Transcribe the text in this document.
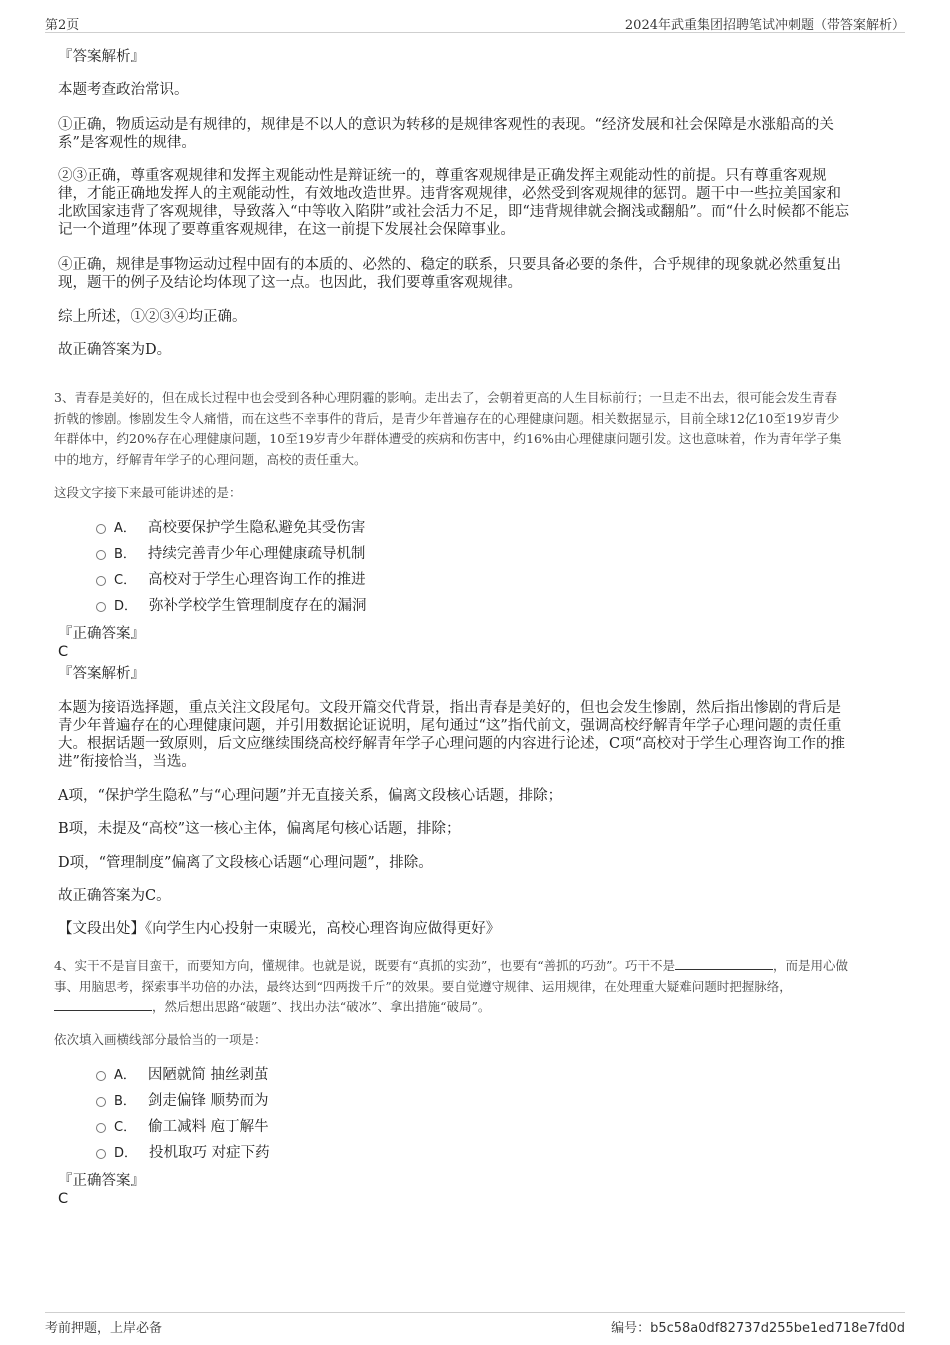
第2页	2024年武重集团招聘笔试冲刺题（带答案解析）
『答案解析』
本题考查政治常识。
①正确，物质运动是有规律的，规律是不以人的意识为转移的是规律客观性的表现。“经济发展和社会保障是水涨船高的关
系”是客观性的规律。
②③正确，尊重客观规律和发挥主观能动性是辩证统一的，尊重客观规律是正确发挥主观能动性的前提。只有尊重客观规
律，才能正确地发挥人的主观能动性，有效地改造世界。违背客观规律，必然受到客观规律的惩罚。题干中一些拉美国家和
北欧国家违背了客观规律，导致落入“中等收入陷阱”或社会活力不足，即“违背规律就会搁浅或翻船”。而“什么时候都不能忘
记一个道理”体现了要尊重客观规律，在这一前提下发展社会保障事业。
④正确，规律是事物运动过程中固有的本质的、必然的、稳定的联系，只要具备必要的条件，合乎规律的现象就必然重复出
现，题干的例子及结论均体现了这一点。也因此，我们要尊重客观规律。
综上所述，①②③④均正确。
故正确答案为D。
3、青春是美好的，但在成长过程中也会受到各种心理阴霾的影响。走出去了，会朝着更高的人生目标前行；一旦走不出去，很可能会发生青春
折戟的惨剧。惨剧发生令人痛惜，而在这些不幸事件的背后，是青少年普遍存在的心理健康问题。相关数据显示，目前全球12亿10至19岁青少
年群体中，约20%存在心理健康问题，10至19岁青少年群体遭受的疾病和伤害中，约16%由心理健康问题引发。这也意味着，作为青年学子集
中的地方，纾解青年学子的心理问题，高校的责任重大。
这段文字接下来最可能讲述的是：
A． 高校要保护学生隐私避免其受伤害
B． 持续完善青少年心理健康疏导机制
C． 高校对于学生心理咨询工作的推进
D． 弥补学校学生管理制度存在的漏洞
『正确答案』
C
『答案解析』
本题为接语选择题，重点关注文段尾句。文段开篇交代背景，指出青春是美好的，但也会发生惨剧，然后指出惨剧的背后是
青少年普遍存在的心理健康问题，并引用数据论证说明，尾句通过“这”指代前文，强调高校纾解青年学子心理问题的责任重
大。根据话题一致原则，后文应继续围绕高校纾解青年学子心理问题的内容进行论述，C项“高校对于学生心理咨询工作的推
进”衔接恰当，当选。
A项，“保护学生隐私”与“心理问题”并无直接关系，偏离文段核心话题，排除；
B项，未提及“高校”这一核心主体，偏离尾句核心话题，排除；
D项，“管理制度”偏离了文段核心话题“心理问题”，排除。
故正确答案为C。
【文段出处】《向学生内心投射一束暖光，高校心理咨询应做得更好》
4、实干不是盲目蛮干，而要知方向，懂规律。也就是说，既要有“真抓的实劲”，也要有“善抓的巧劲”。巧干不是	，而是用心做
事、用脑思考，探索事半功倍的办法，最终达到“四两拨千斤”的效果。要自觉遵守规律、运用规律，在处理重大疑难问题时把握脉络，
，然后想出思路“破题”、找出办法“破冰”、拿出措施“破局”。
依次填入画横线部分最恰当的一项是：
A． 因陋就简 抽丝剥茧
B． 剑走偏锋 顺势而为
C． 偷工减料 庖丁解牛
D． 投机取巧 对症下药
『正确答案』
C
考前押题，上岸必备	编号：b5c58a0df82737d255be1ed718e7fd0d
